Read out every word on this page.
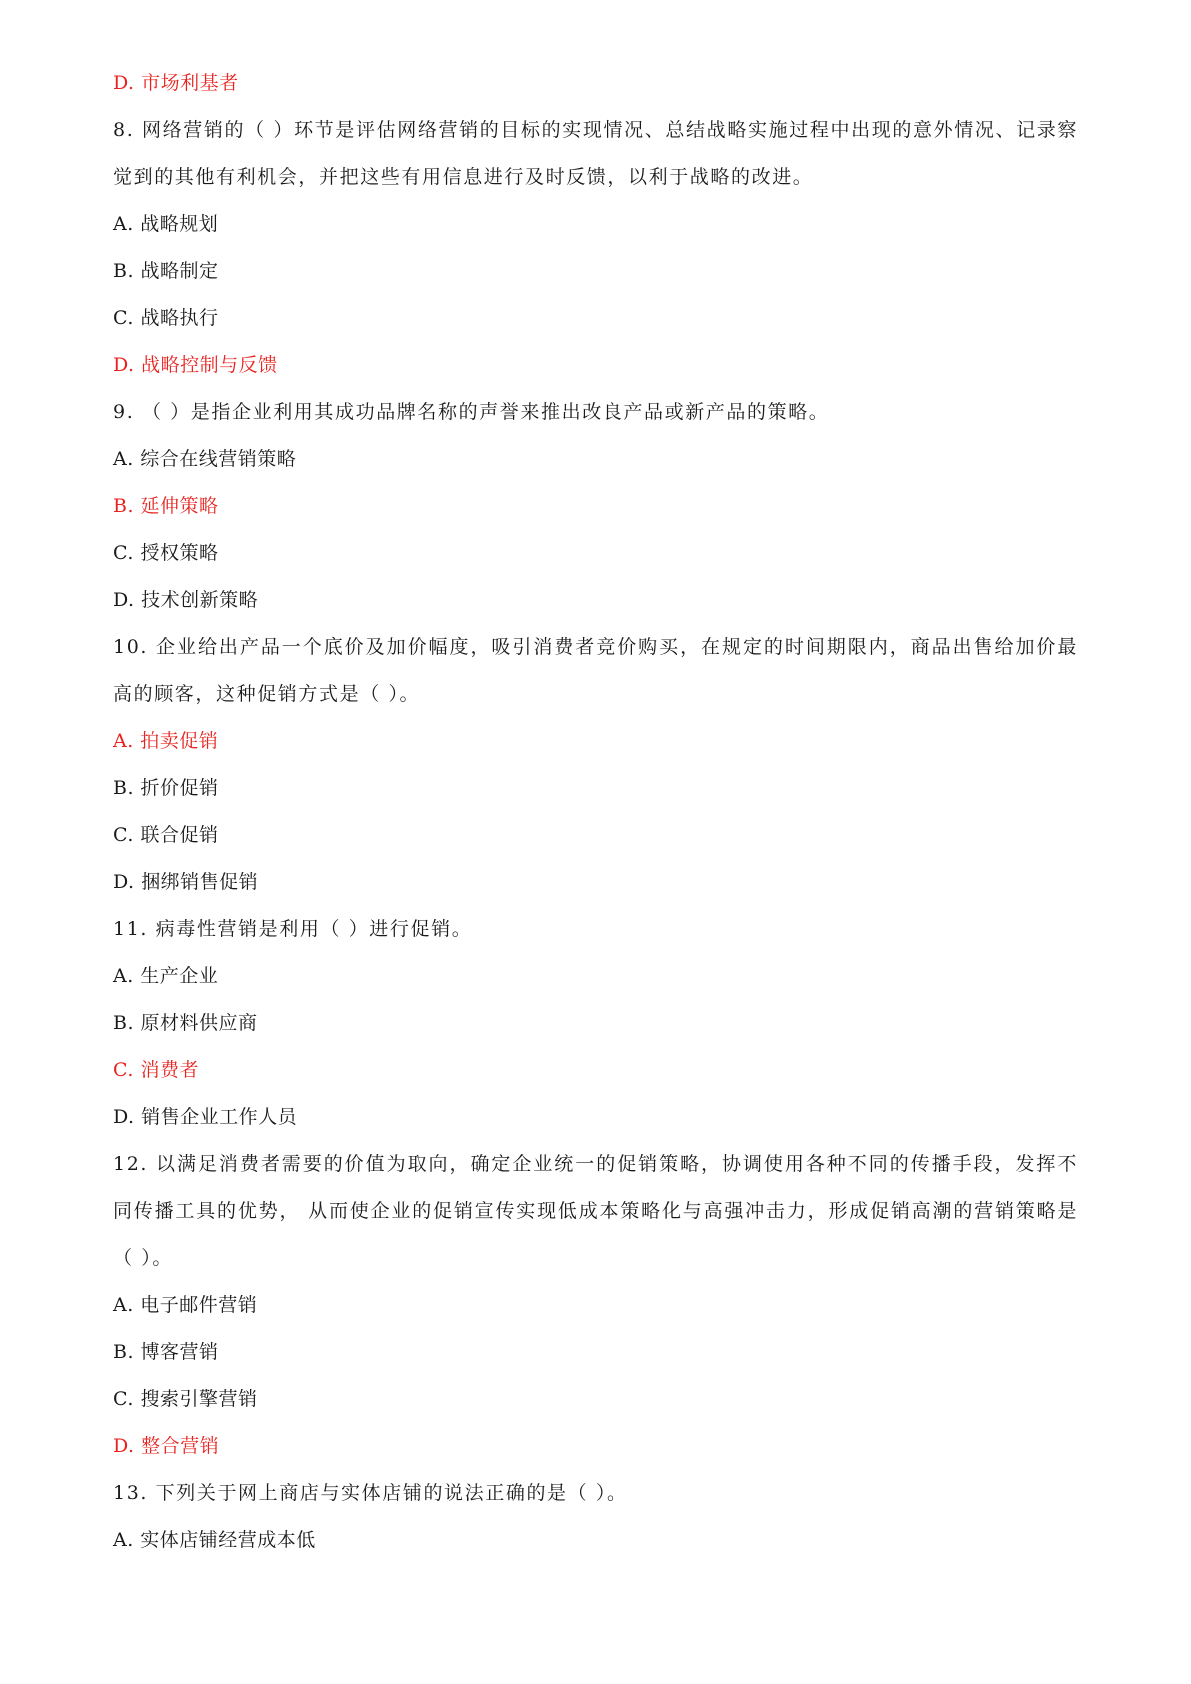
D. 市场利基者
8. 网络营销的（ ）环节是评估网络营销的目标的实现情况、总结战略实施过程中出现的意外情况、记录察觉到的其他有利机会，并把这些有用信息进行及时反馈，以利于战略的改进。
A. 战略规划
B. 战略制定
C. 战略执行
D. 战略控制与反馈
9. （ ）是指企业利用其成功品牌名称的声誉来推出改良产品或新产品的策略。
A. 综合在线营销策略
B. 延伸策略
C. 授权策略
D. 技术创新策略
10. 企业给出产品一个底价及加价幅度，吸引消费者竞价购买，在规定的时间期限内，商品出售给加价最高的顾客，这种促销方式是（ ）。
A. 拍卖促销
B. 折价促销
C. 联合促销
D. 捆绑销售促销
11. 病毒性营销是利用（ ）进行促销。
A. 生产企业
B. 原材料供应商
C. 消费者
D. 销售企业工作人员
12. 以满足消费者需要的价值为取向，确定企业统一的促销策略，协调使用各种不同的传播手段，发挥不同传播工具的优势， 从而使企业的促销宣传实现低成本策略化与高强冲击力，形成促销高潮的营销策略是（ ）。
A. 电子邮件营销
B. 博客营销
C. 搜索引擎营销
D. 整合营销
13. 下列关于网上商店与实体店铺的说法正确的是（ ）。
A. 实体店铺经营成本低
